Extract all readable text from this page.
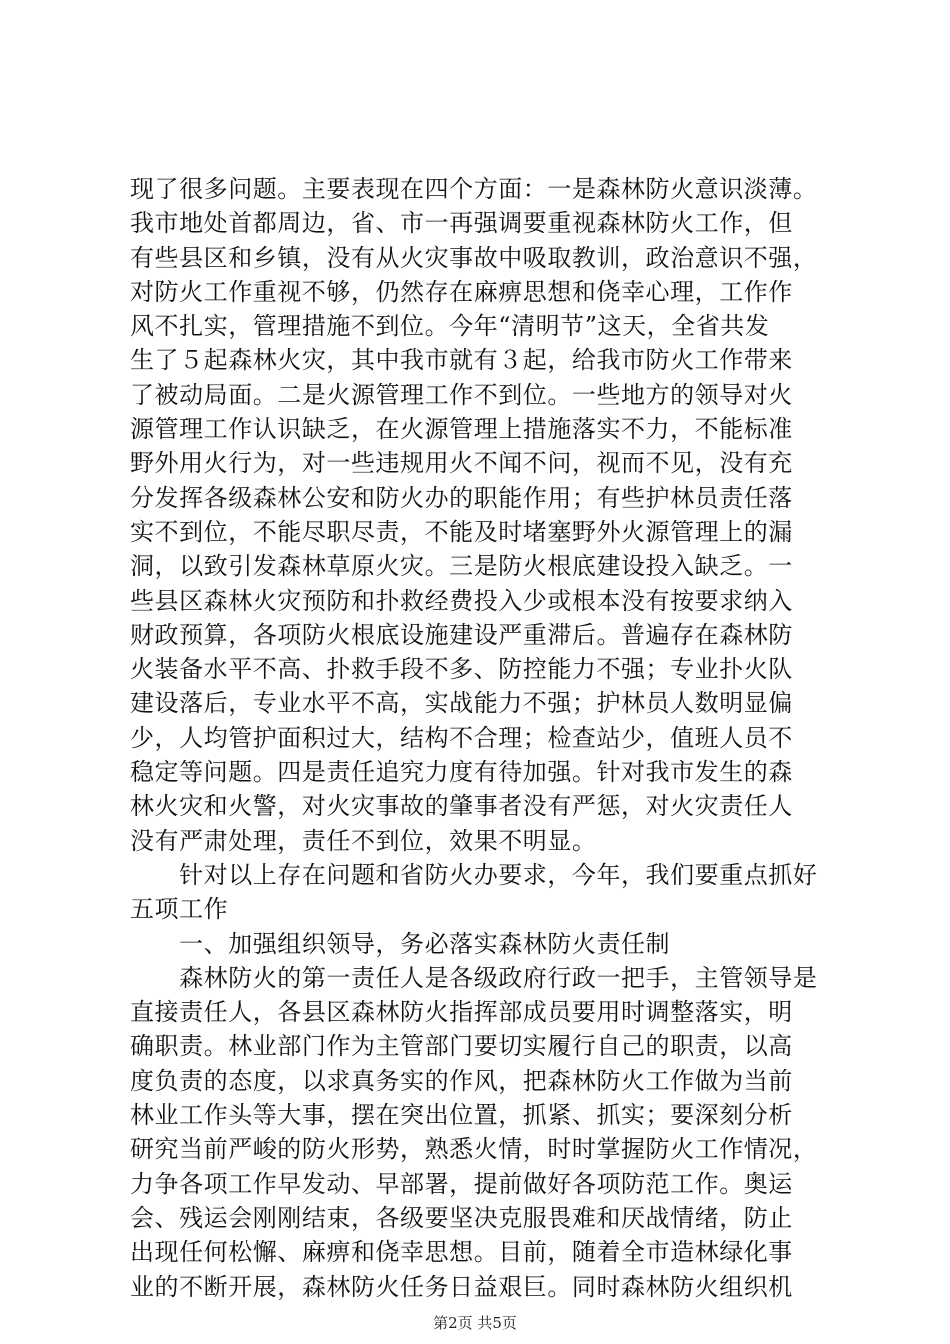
现了很多问题。主要表现在四个方面：一是森林防火意识淡薄。
我市地处首都周边，省、市一再强调要重视森林防火工作，但
有些县区和乡镇，没有从火灾事故中吸取教训，政治意识不强，
对防火工作重视不够，仍然存在麻痹思想和侥幸心理，工作作
风不扎实，管理措施不到位。今年“清明节”这天，全省共发
生了５起森林火灾，其中我市就有３起，给我市防火工作带来
了被动局面。二是火源管理工作不到位。一些地方的领导对火
源管理工作认识缺乏，在火源管理上措施落实不力，不能标准
野外用火行为，对一些违规用火不闻不问，视而不见，没有充
分发挥各级森林公安和防火办的职能作用；有些护林员责任落
实不到位，不能尽职尽责，不能及时堵塞野外火源管理上的漏
洞，以致引发森林草原火灾。三是防火根底建设投入缺乏。一
些县区森林火灾预防和扑救经费投入少或根本没有按要求纳入
财政预算，各项防火根底设施建设严重滞后。普遍存在森林防
火装备水平不高、扑救手段不多、防控能力不强；专业扑火队
建设落后，专业水平不高，实战能力不强；护林员人数明显偏
少，人均管护面积过大，结构不合理；检查站少，值班人员不
稳定等问题。四是责任追究力度有待加强。针对我市发生的森
林火灾和火警，对火灾事故的肇事者没有严惩，对火灾责任人
没有严肃处理，责任不到位，效果不明显。
　　针对以上存在问题和省防火办要求，今年，我们要重点抓好
五项工作
　　一、加强组织领导，务必落实森林防火责任制
　　森林防火的第一责任人是各级政府行政一把手，主管领导是
直接责任人，各县区森林防火指挥部成员要用时调整落实，明
确职责。林业部门作为主管部门要切实履行自己的职责，以高
度负责的态度，以求真务实的作风，把森林防火工作做为当前
林业工作头等大事，摆在突出位置，抓紧、抓实；要深刻分析
研究当前严峻的防火形势，熟悉火情，时时掌握防火工作情况，
力争各项工作早发动、早部署，提前做好各项防范工作。奥运
会、残运会刚刚结束，各级要坚决克服畏难和厌战情绪，防止
出现任何松懈、麻痹和侥幸思想。目前，随着全市造林绿化事
业的不断开展，森林防火任务日益艰巨。同时森林防火组织机
第2页 共5页
